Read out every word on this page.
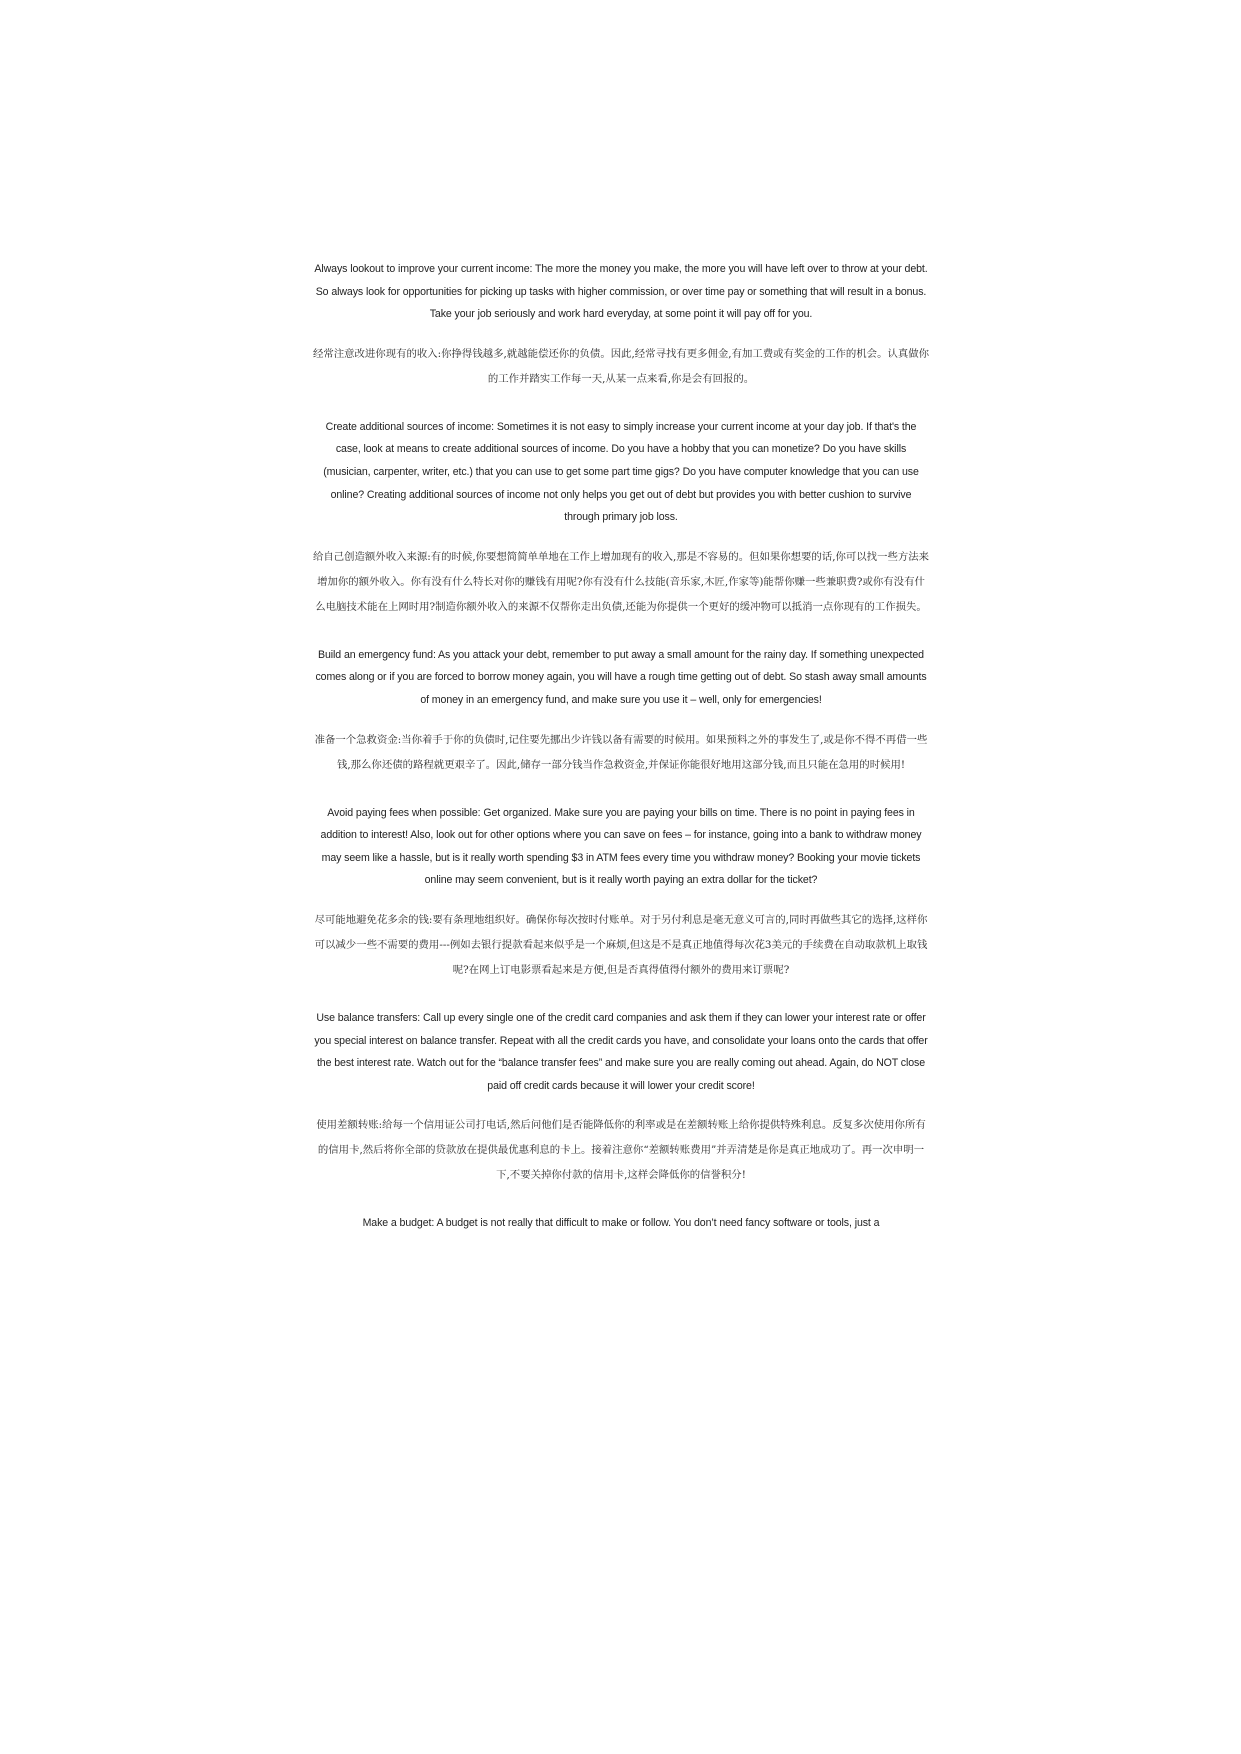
Always lookout to improve your current income: The more the money you make, the more you will have left over to throw at your debt. So always look for opportunities for picking up tasks with higher commission, or over time pay or something that will result in a bonus. Take your job seriously and work hard everyday, at some point it will pay off for you.

经常注意改进你现有的收入:你挣得钱越多,就越能偿还你的负债。因此,经常寻找有更多佣金,有加工费或有奖金的工作的机会。认真做你的工作并踏实工作每一天,从某一点来看,你是会有回报的。

Create additional sources of income: Sometimes it is not easy to simply increase your current income at your day job. If that's the case, look at means to create additional sources of income. Do you have a hobby that you can monetize? Do you have skills (musician, carpenter, writer, etc.) that you can use to get some part time gigs? Do you have computer knowledge that you can use online? Creating additional sources of income not only helps you get out of debt but provides you with better cushion to survive through primary job loss.

给自己创造额外收入来源:有的时候,你要想简简单单地在工作上增加现有的收入,那是不容易的。但如果你想要的话,你可以找一些方法来增加你的额外收入。你有没有什么特长对你的赚钱有用呢?你有没有什么技能(音乐家,木匠,作家等)能帮你赚一些兼职费?或你有没有什么电脑技术能在上网时用?制造你额外收入的来源不仅帮你走出负债,还能为你提供一个更好的缓冲物可以抵消一点你现有的工作损失。

Build an emergency fund: As you attack your debt, remember to put away a small amount for the rainy day. If something unexpected comes along or if you are forced to borrow money again, you will have a rough time getting out of debt. So stash away small amounts of money in an emergency fund, and make sure you use it – well, only for emergencies!

准备一个急救资金:当你着手于你的负债时,记住要先挪出少许钱以备有需要的时候用。如果预料之外的事发生了,或是你不得不再借一些钱,那么你还债的路程就更艰辛了。因此,储存一部分钱当作急救资金,并保证你能很好地用这部分钱,而且只能在急用的时候用!

Avoid paying fees when possible: Get organized. Make sure you are paying your bills on time. There is no point in paying fees in addition to interest! Also, look out for other options where you can save on fees – for instance, going into a bank to withdraw money may seem like a hassle, but is it really worth spending $3 in ATM fees every time you withdraw money? Booking your movie tickets online may seem convenient, but is it really worth paying an extra dollar for the ticket?

尽可能地避免花多余的钱:要有条理地组织好。确保你每次按时付账单。对于另付利息是毫无意义可言的,同时再做些其它的选择,这样你可以减少一些不需要的费用---例如去银行提款看起来似乎是一个麻烦,但这是不是真正地值得每次花3美元的手续费在自动取款机上取钱呢?在网上订电影票看起来是方便,但是否真得值得付额外的费用来订票呢?

Use balance transfers: Call up every single one of the credit card companies and ask them if they can lower your interest rate or offer you special interest on balance transfer. Repeat with all the credit cards you have, and consolidate your loans onto the cards that offer the best interest rate. Watch out for the “balance transfer fees” and make sure you are really coming out ahead. Again, do NOT close paid off credit cards because it will lower your credit score!

使用差额转账:给每一个信用证公司打电话,然后问他们是否能降低你的利率或是在差额转账上给你提供特殊利息。反复多次使用你所有的信用卡,然后将你全部的贷款放在提供最优惠利息的卡上。接着注意你“差额转账费用”并弄清楚是你是真正地成功了。再一次申明一下,不要关掉你付款的信用卡,这样会降低你的信誉积分!

Make a budget: A budget is not really that difficult to make or follow. You don’t need fancy software or tools, just a
